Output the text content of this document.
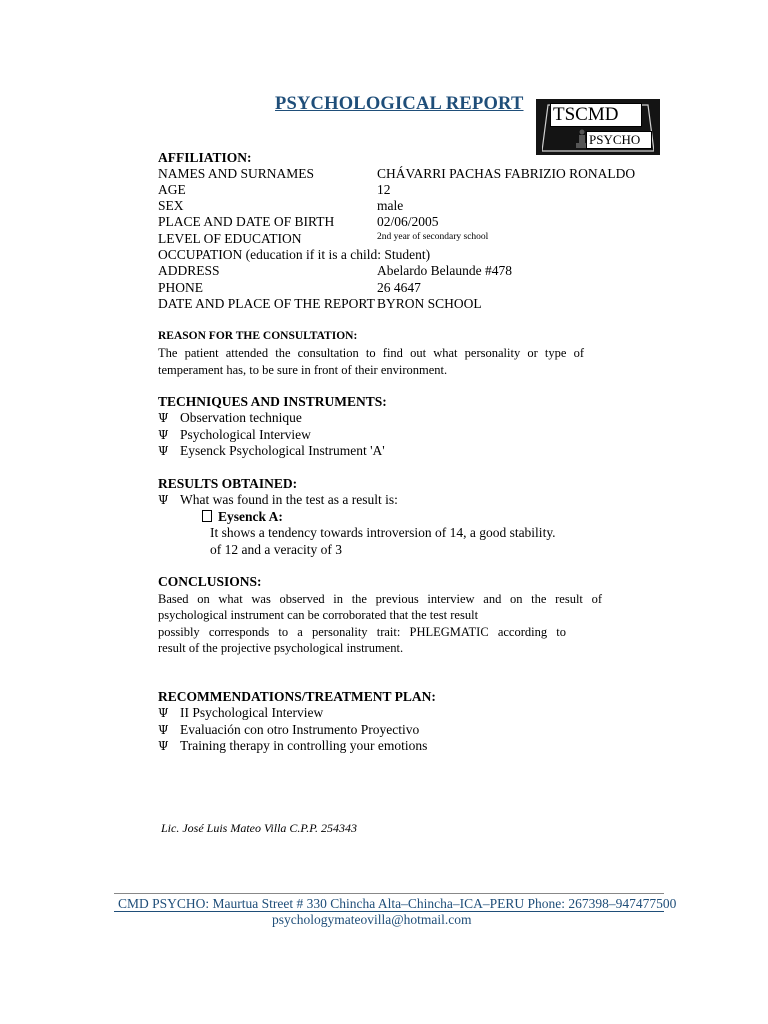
PSYCHOLOGICAL REPORT TSCMD
PSYCHO
AFFILIATION:
NAMES AND SURNAMES	CHÁVARRI PACHAS FABRIZIO RONALDO
AGE	12
SEX	male
PLACE AND DATE OF BIRTH	02/06/2005
LEVEL OF EDUCATION	2nd year of secondary school
OCCUPATION (education if it is a child: Student)
ADDRESS	Abelardo Belaunde #478
PHONE	26 4647
DATE AND PLACE OF THE REPORT BYRON SCHOOL
REASON FOR THE CONSULTATION:
The patient attended the consultation to find out what personality or type of temperament has, to be sure in front of their environment.
TECHNIQUES AND INSTRUMENTS:
Ψ Observation technique
Ψ Psychological Interview
Ψ Eysenck Psychological Instrument 'A'
RESULTS OBTAINED:
Ψ What was found in the test as a result is:
Eysenck A:
It shows a tendency towards introversion of 14, a good stability.
of 12 and a veracity of 3
CONCLUSIONS:
Based on what was observed in the previous interview and on the result of
psychological instrument can be corroborated that the test result
possibly corresponds to a personality trait: PHLEGMATIC according to
result of the projective psychological instrument.
RECOMMENDATIONS/TREATMENT PLAN:
Ψ II Psychological Interview
Ψ Evaluación con otro Instrumento Proyectivo
Ψ Training therapy in controlling your emotions
Lic. José Luis Mateo Villa C.P.P. 254343
CMD PSYCHO: Maurtua Street # 330 Chincha Alta–Chincha–ICA–PERU Phone: 267398–947477500
psychologymateovilla@hotmail.com
